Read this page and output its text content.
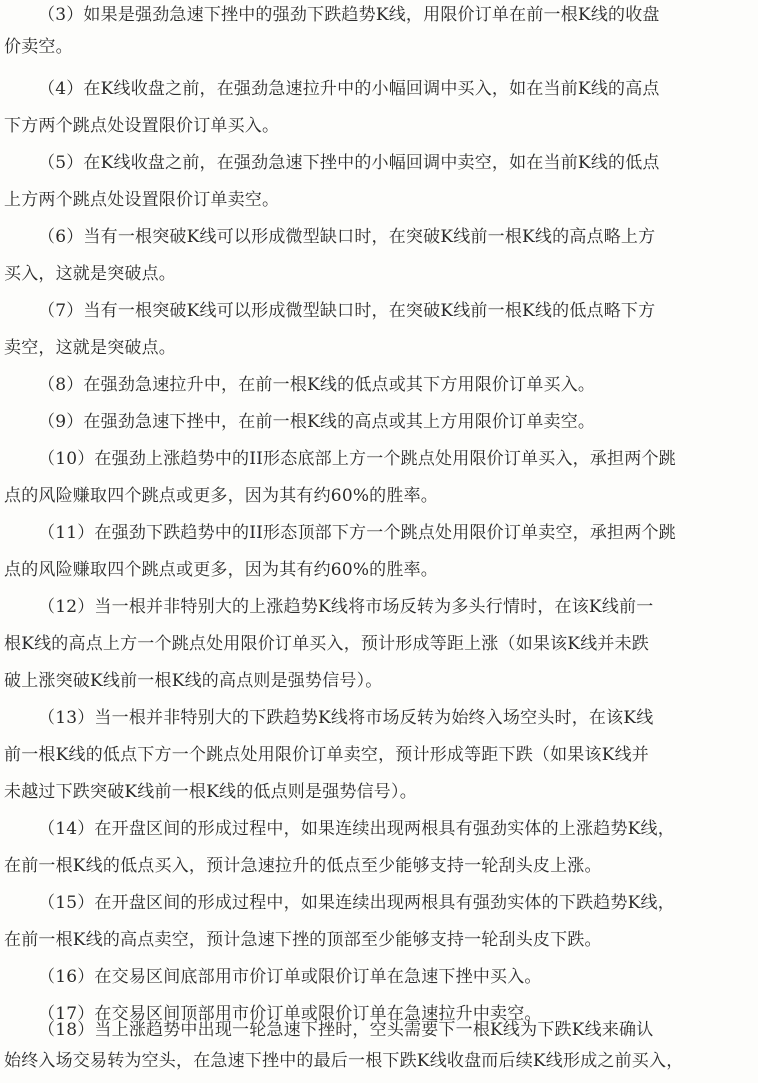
（3）如果是强劲急速下挫中的强劲下跌趋势K线，用限价订单在前一根K线的收盘
价卖空。
（4）在K线收盘之前，在强劲急速拉升中的小幅回调中买入，如在当前K线的高点
下方两个跳点处设置限价订单买入。
（5）在K线收盘之前，在强劲急速下挫中的小幅回调中卖空，如在当前K线的低点
上方两个跳点处设置限价订单卖空。
（6）当有一根突破K线可以形成微型缺口时，在突破K线前一根K线的高点略上方
买入，这就是突破点。
（7）当有一根突破K线可以形成微型缺口时，在突破K线前一根K线的低点略下方
卖空，这就是突破点。
（8）在强劲急速拉升中，在前一根K线的低点或其下方用限价订单买入。
（9）在强劲急速下挫中，在前一根K线的高点或其上方用限价订单卖空。
（10）在强劲上涨趋势中的II形态底部上方一个跳点处用限价订单买入，承担两个跳
点的风险赚取四个跳点或更多，因为其有约60%的胜率。
（11）在强劲下跌趋势中的II形态顶部下方一个跳点处用限价订单卖空，承担两个跳
点的风险赚取四个跳点或更多，因为其有约60%的胜率。
（12）当一根并非特别大的上涨趋势K线将市场反转为多头行情时，在该K线前一
根K线的高点上方一个跳点处用限价订单买入，预计形成等距上涨（如果该K线并未跌
破上涨突破K线前一根K线的高点则是强势信号）。
（13）当一根并非特别大的下跌趋势K线将市场反转为始终入场空头时，在该K线
前一根K线的低点下方一个跳点处用限价订单卖空，预计形成等距下跌（如果该K线并
未越过下跌突破K线前一根K线的低点则是强势信号）。
（14）在开盘区间的形成过程中，如果连续出现两根具有强劲实体的上涨趋势K线，
在前一根K线的低点买入，预计急速拉升的低点至少能够支持一轮刮头皮上涨。
（15）在开盘区间的形成过程中，如果连续出现两根具有强劲实体的下跌趋势K线，
在前一根K线的高点卖空，预计急速下挫的顶部至少能够支持一轮刮头皮下跌。
（16）在交易区间底部用市价订单或限价订单在急速下挫中买入。
（17）在交易区间顶部用市价订单或限价订单在急速拉升中卖空。
（18）当上涨趋势中出现一轮急速下挫时，空头需要下一根K线为下跌K线来确认
始终入场交易转为空头，在急速下挫中的最后一根下跌K线收盘而后续K线形成之前买入，
